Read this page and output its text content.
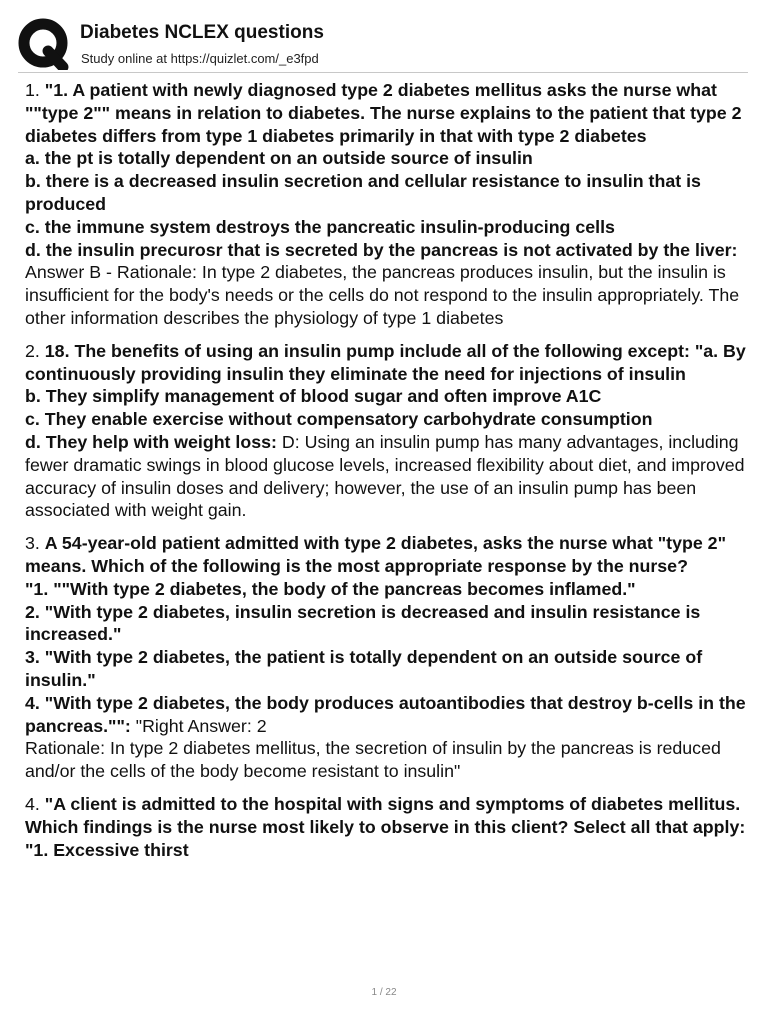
Diabetes NCLEX questions
Study online at https://quizlet.com/_e3fpd
1. "1. A patient with newly diagnosed type 2 diabetes mellitus asks the nurse what ""type 2"" means in relation to diabetes. The nurse explains to the patient that type 2 diabetes differs from type 1 diabetes primarily in that with type 2 diabetes
a. the pt is totally dependent on an outside source of insulin
b. there is a decreased insulin secretion and cellular resistance to insulin that is produced
c. the immune system destroys the pancreatic insulin-producing cells
d. the insulin precurosr that is secreted by the pancreas is not activated by the liver: Answer B - Rationale: In type 2 diabetes, the pancreas produces insulin, but the insulin is insufficient for the body's needs or the cells do not respond to the insulin appropriately. The other information describes the physiology of type 1 diabetes
2. 18. The benefits of using an insulin pump include all of the following except: "a. By continuously providing insulin they eliminate the need for injections of insulin
b. They simplify management of blood sugar and often improve A1C
c. They enable exercise without compensatory carbohydrate consumption
d. They help with weight loss: D: Using an insulin pump has many advantages, including fewer dramatic swings in blood glucose levels, increased flexibility about diet, and improved accuracy of insulin doses and delivery; however, the use of an insulin pump has been associated with weight gain.
3. A 54-year-old patient admitted with type 2 diabetes, asks the nurse what "type 2" means. Which of the following is the most appropriate response by the nurse?
"1. ""With type 2 diabetes, the body of the pancreas becomes inflamed."
2. "With type 2 diabetes, insulin secretion is decreased and insulin resistance is increased."
3. "With type 2 diabetes, the patient is totally dependent on an outside source of insulin."
4. "With type 2 diabetes, the body produces autoantibodies that destroy b-cells in the pancreas."": "Right Answer: 2
Rationale: In type 2 diabetes mellitus, the secretion of insulin by the pancreas is reduced and/or the cells of the body become resistant to insulin"
4. "A client is admitted to the hospital with signs and symptoms of diabetes mellitus. Which findings is the nurse most likely to observe in this client? Select all that apply:
"1. Excessive thirst
1 / 22
